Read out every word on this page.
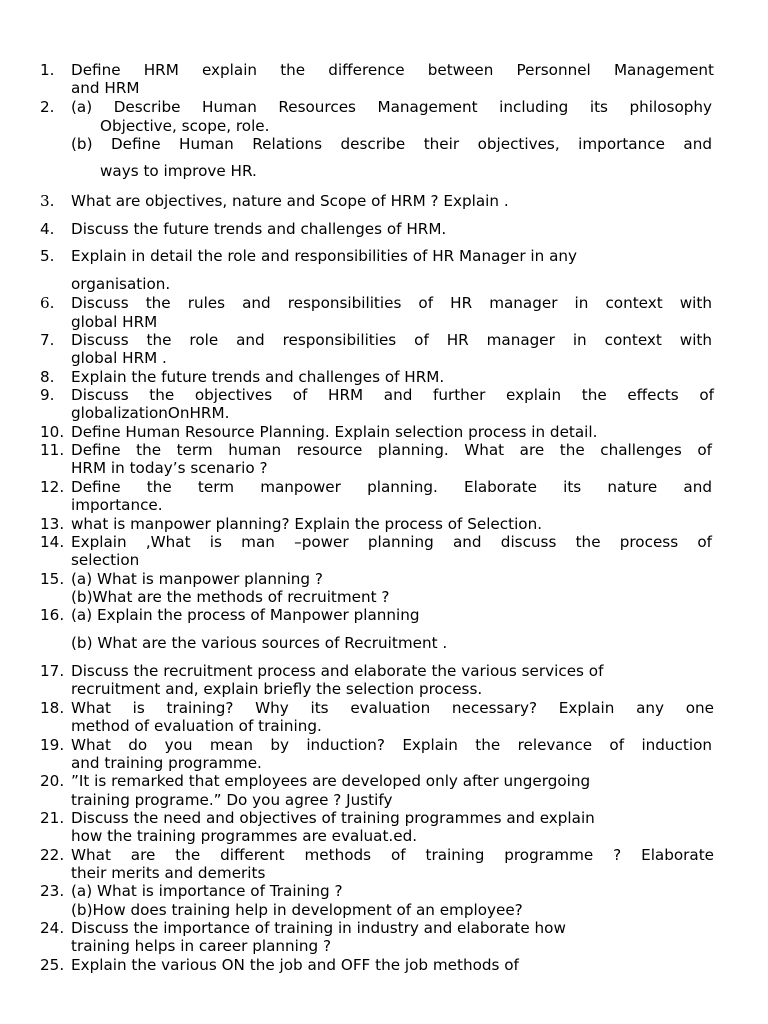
1. Define HRM explain the difference between Personnel Management
and HRM
2. (a) Describe Human Resources Management including its philosophy
Objective, scope, role.
(b) Define Human Relations describe their objectives, importance and
ways to improve HR.
3. What are objectives, nature and Scope of HRM ? Explain .
4. Discuss the future trends and challenges of HRM.
5. Explain in detail the role and responsibilities of HR Manager in any
organisation.
6. Discuss the rules and responsibilities of HR manager in context with
global HRM
7. Discuss the role and responsibilities of HR manager in context with
global HRM .
8. Explain the future trends and challenges of HRM.
9. Discuss the objectives of HRM and further explain the effects of
globalizationOnHRM.
10. Define Human Resource Planning. Explain selection process in detail.
11. Define the term human resource planning. What are the challenges of
HRM in today’s scenario ?
12. Define the term manpower planning. Elaborate its nature and
importance.
13. what is manpower planning? Explain the process of Selection.
14. Explain ,What is man –power planning and discuss the process of
selection
15. (a) What is manpower planning ?
(b)What are the methods of recruitment ?
16. (a) Explain the process of Manpower planning
(b) What are the various sources of Recruitment .
17. Discuss the recruitment process and elaborate the various services of
recruitment and, explain briefly the selection process.
18. What is training? Why its evaluation necessary? Explain any one
method of evaluation of training.
19. What do you mean by induction? Explain the relevance of induction
and training programme.
20. ”It is remarked that employees are developed only after ungergoing
training programe.” Do you agree ? Justify
21. Discuss the need and objectives of training programmes and explain
how the training programmes are evaluat.ed.
22. What are the different methods of training programme ? Elaborate
their merits and demerits
23. (a) What is importance of Training ?
(b)How does training help in development of an employee?
24. Discuss the importance of training in industry and elaborate how
training helps in career planning ?
25. Explain the various ON the job and OFF the job methods of
